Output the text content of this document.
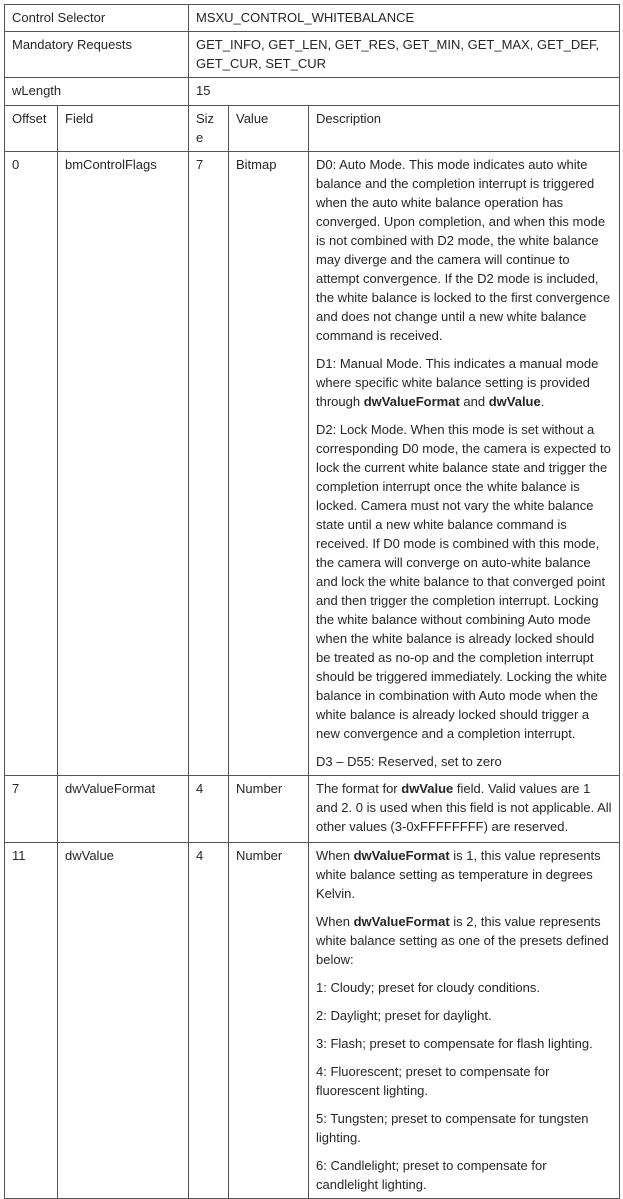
Control Selector		MSXU_CONTROL_WHITEBALANCE		
Mandatory Requests		GET_INFO, GET_LEN, GET_RES, GET_MIN, GET_MAX, GET_DEF, GET_CUR, SET_CUR		
wLength		15		
Offset	Field	Size	Value	Description
0	bmControlFlags	7	Bitmap	D0: Auto Mode. This mode indicates auto white balance and the completion interrupt is triggered when the auto white balance operation has converged. Upon completion, and when this mode is not combined with D2 mode, the white balance may diverge and the camera will continue to attempt convergence. If the D2 mode is included, the white balance is locked to the first convergence and does not change until a new white balance command is received.

D1: Manual Mode. This indicates a manual mode where specific white balance setting is provided through dwValueFormat and dwValue.

D2: Lock Mode. When this mode is set without a corresponding D0 mode, the camera is expected to lock the current white balance state and trigger the completion interrupt once the white balance is locked. Camera must not vary the white balance state until a new white balance command is received. If D0 mode is combined with this mode, the camera will converge on auto-white balance and lock the white balance to that converged point and then trigger the completion interrupt. Locking the white balance without combining Auto mode when the white balance is already locked should be treated as no-op and the completion interrupt should be triggered immediately. Locking the white balance in combination with Auto mode when the white balance is already locked should trigger a new convergence and a completion interrupt.

D3 – D55: Reserved, set to zero

7	dwValueFormat	4	Number	The format for dwValue field. Valid values are 1 and 2. 0 is used when this field is not applicable. All other values (3-0xFFFFFFFF) are reserved.

11	dwValue	4	Number	When dwValueFormat is 1, this value represents white balance setting as temperature in degrees Kelvin.

When dwValueFormat is 2, this value represents white balance setting as one of the presets defined below:

1: Cloudy; preset for cloudy conditions.

2: Daylight; preset for daylight.

3: Flash; preset to compensate for flash lighting.

4: Fluorescent; preset to compensate for fluorescent lighting.

5: Tungsten; preset to compensate for tungsten lighting.

6: Candlelight; preset to compensate for candlelight lighting.
